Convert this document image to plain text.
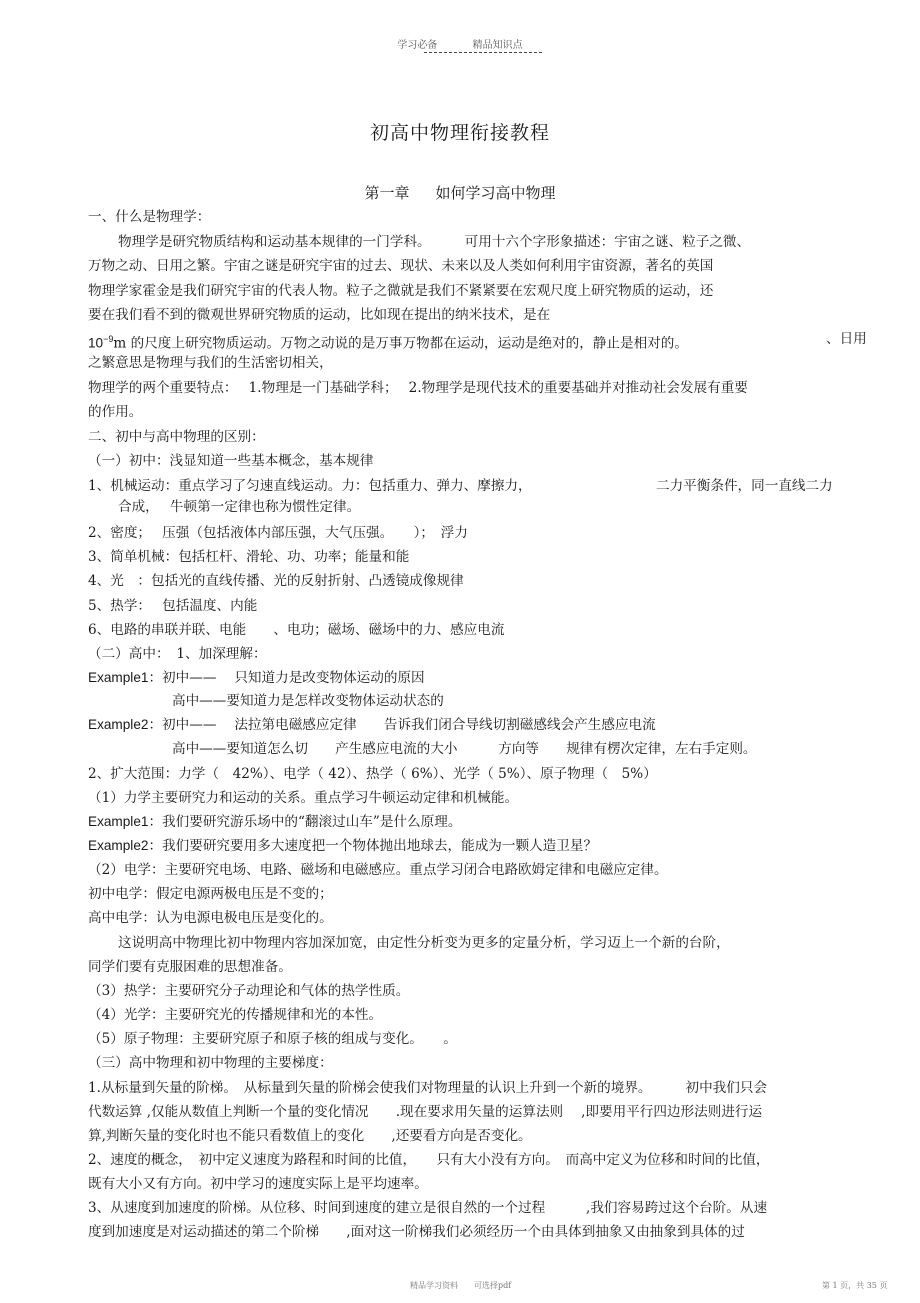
学习必备	精品知识点
初高中物理衔接教程
第一章 如何学习高中物理
一、什么是物理学：
物理学是研究物质结构和运动基本规律的一门学科。　　　可用十六个字形象描述：宇宙之谜、粒子之微、
万物之动、日用之繁。宇宙之谜是研究宇宙的过去、现状、未来以及人类如何利用宇宙资源，著名的英国
物理学家霍金是我们研究宇宙的代表人物。粒子之微就是我们不紧紧要在宏观尺度上研究物质的运动，还
要在我们看不到的微观世界研究物质的运动，比如现在提出的纳米技术，是在
$10^{-9}m$ 的尺度上研究物质运动。万物之动说的是万事万物都在运动，运动是绝对的，静止是相对的。	、日用
之繁意思是物理与我们的生活密切相关，
物理学的两个重要特点：　 1.物理是一门基础学科；　 2.物理学是现代技术的重要基础并对推动社会发展有重要
的作用。
二、初中与高中物理的区别：
（一）初中：浅显知道一些基本概念，基本规律
1、机械运动：重点学习了匀速直线运动。力：包括重力、弹力、摩擦力，	二力平衡条件，同一直线二力
合成，　 牛顿第一定律也称为惯性定律。
2、密度；　 压强（包括液体内部压强，大气压强。　　）；　浮力
3、简单机械：包括杠杆、滑轮、功、功率；能量和能
4、光　：包括光的直线传播、光的反射折射、凸透镜成像规律
5、热学：　 包括温度、内能
6、电路的串联并联、电能　　、电功；磁场、磁场中的力、感应电流
（二）高中：　1、加深理解：
Example1：初中——　 只知道力是改变物体运动的原因
高中——要知道力是怎样改变物体运动状态的
Example2：初中——　 法拉第电磁感应定律　　告诉我们闭合导线切割磁感线会产生感应电流
高中——要知道怎么切　　产生感应电流的大小　　　方向等　　规律有楞次定律，左右手定则。
2、扩大范围：力学（　42%）、电学（ 42）、热学（ 6%）、光学（ 5%）、原子物理（　5%）
（1）力学主要研究力和运动的关系。重点学习牛顿运动定律和机械能。
Example1：我们要研究游乐场中的“翻滚过山车”是什么原理。
Example2：我们要研究要用多大速度把一个物体抛出地球去，能成为一颗人造卫星？
（2）电学：主要研究电场、电路、磁场和电磁感应。重点学习闭合电路欧姆定律和电磁应定律。
初中电学：假定电源两极电压是不变的；
高中电学：认为电源电极电压是变化的。
这说明高中物理比初中物理内容加深加宽，由定性分析变为更多的定量分析，学习迈上一个新的台阶，
同学们要有克服困难的思想准备。
（3）热学：主要研究分子动理论和气体的热学性质。
（4）光学：主要研究光的传播规律和光的本性。
（5）原子物理：主要研究原子和原子核的组成与变化。　　。
（三）高中物理和初中物理的主要梯度：
1.从标量到矢量的阶梯。　从标量到矢量的阶梯会使我们对物理量的认识上升到一个新的境界。　　　初中我们只会
代数运算 ,仅能从数值上判断一个量的变化情况　　.现在要求用矢量的运算法则　 ,即要用平行四边形法则进行运
算,判断矢量的变化时也不能只看数值上的变化　　,还要看方向是否变化。
2、速度的概念，　初中定义速度为路程和时间的比值，　　只有大小没有方向。　而高中定义为位移和时间的比值，
既有大小又有方向。初中学习的速度实际上是平均速率。
3、从速度到加速度的阶梯。从位移、时间到速度的建立是很自然的一个过程　　　,我们容易跨过这个台阶。从速
度到加速度是对运动描述的第二个阶梯　　,面对这一阶梯我们必须经历一个由具体到抽象又由抽象到具体的过
精品学习资料　　可选择pdf	第 1 页，共 35 页
